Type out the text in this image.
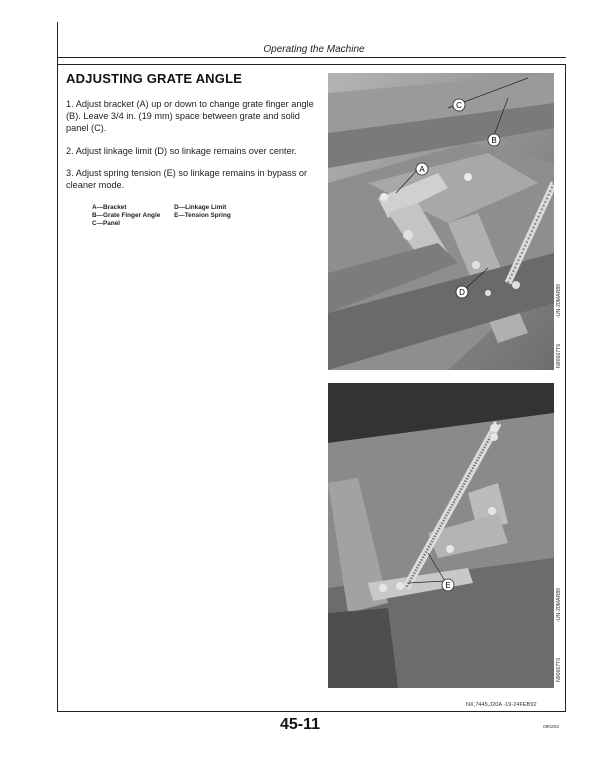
Operating the Machine
ADJUSTING GRATE ANGLE
1. Adjust bracket (A) up or down to change grate finger angle (B). Leave 3/4 in. (19 mm) space between grate and solid panel (C).
2. Adjust linkage limit (D) so linkage remains over center.
3. Adjust spring tension (E) so linkage remains in bypass or cleaner mode.
A—Bracket
B—Grate Finger Angle
C—Panel

D—Linkage Limit
E—Tension Spring
C
B
A
D	-UN-20MAR89
N90667T6
E
-UN-20MAR89
N90667T0
NX,7445,J20A -19-24FEB92
45-11	090202
